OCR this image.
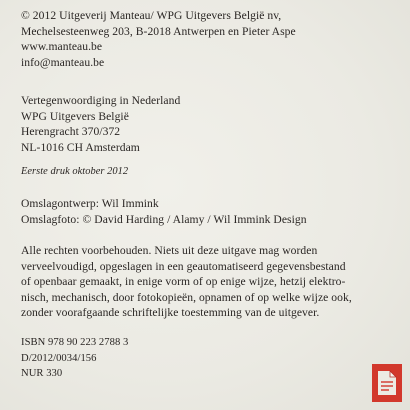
© 2012 Uitgeverij Manteau/ WPG Uitgevers België nv,
Mechelsesteenweg 203, B-2018 Antwerpen en Pieter Aspe
www.manteau.be
info@manteau.be
Vertegenwoordiging in Nederland
WPG Uitgevers België
Herengracht 370/372
NL-1016 CH Amsterdam
Eerste druk oktober 2012
Omslagontwerp: Wil Immink
Omslagfoto: © David Harding / Alamy / Wil Immink Design
Alle rechten voorbehouden. Niets uit deze uitgave mag worden
verveelvoudigd, opgeslagen in een geautomatiseerd gegevensbestand
of openbaar gemaakt, in enige vorm of op enige wijze, hetzij elektro-
nisch, mechanisch, door fotokopieën, opnamen of op welke wijze ook,
zonder voorafgaande schriftelijke toestemming van de uitgever.
ISBN 978 90 223 2788 3
D/2012/0034/156
NUR 330
